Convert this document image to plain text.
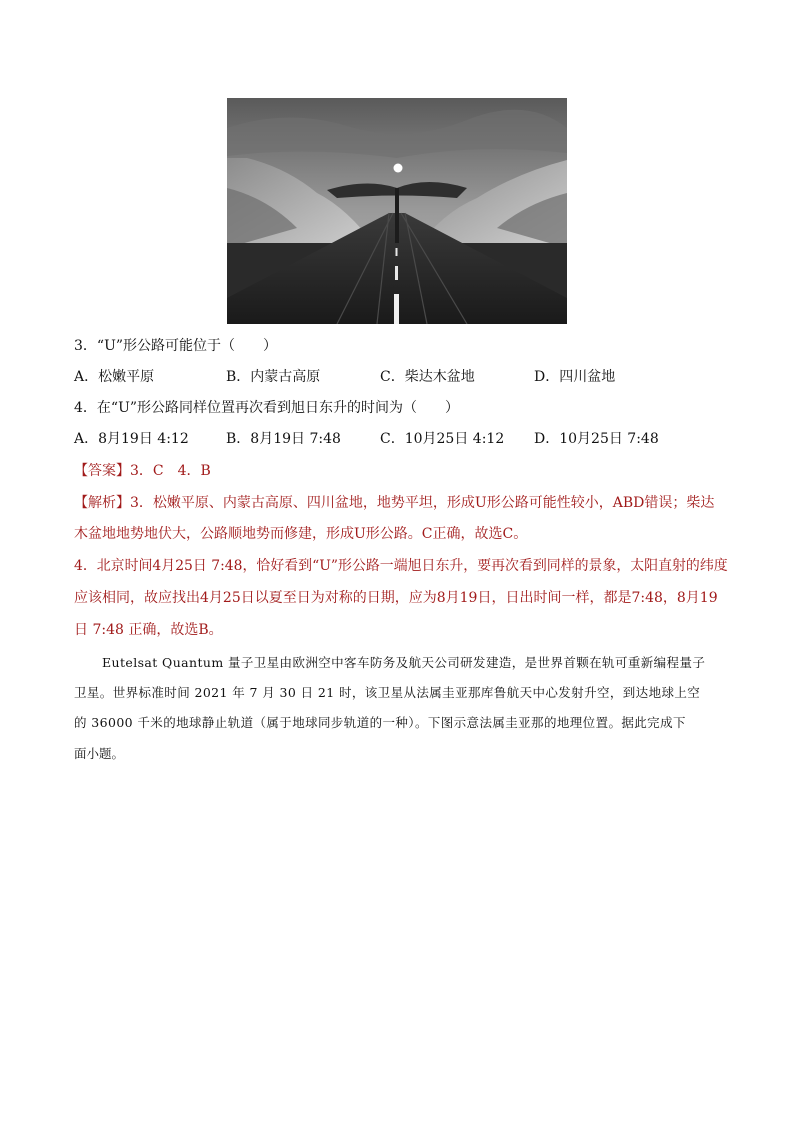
3．“U”形公路可能位于（　　）
A．松嫩平原	B．内蒙古高原	C．柴达木盆地	D．四川盆地
4．在“U”形公路同样位置再次看到旭日东升的时间为（　　）
A．8月19日 4:12	B．8月19日 7:48	C．10月25日 4:12 D．10月25日 7:48
【答案】3．C　4．B
【解析】3．松嫩平原、内蒙古高原、四川盆地，地势平坦，形成U形公路可能性较小，ABD错误；柴达
木盆地地势地伏大，公路顺地势而修建，形成U形公路。C正确，故选C。
4．北京时间4月25日 7:48，恰好看到“U”形公路一端旭日东升，要再次看到同样的景象，太阳直射的纬度
应该相同，故应找出4月25日以夏至日为对称的日期，应为8月19日，日出时间一样，都是7:48，8月19
日 7:48 正确，故选B。
Eutelsat Quantum 量子卫星由欧洲空中客车防务及航天公司研发建造，是世界首颗在轨可重新编程量子
卫星。世界标准时间 2021 年 7 月 30 日 21 时，该卫星从法属圭亚那库鲁航天中心发射升空，到达地球上空
的 36000 千米的地球静止轨道（属于地球同步轨道的一种）。下图示意法属圭亚那的地理位置。据此完成下
面小题。
